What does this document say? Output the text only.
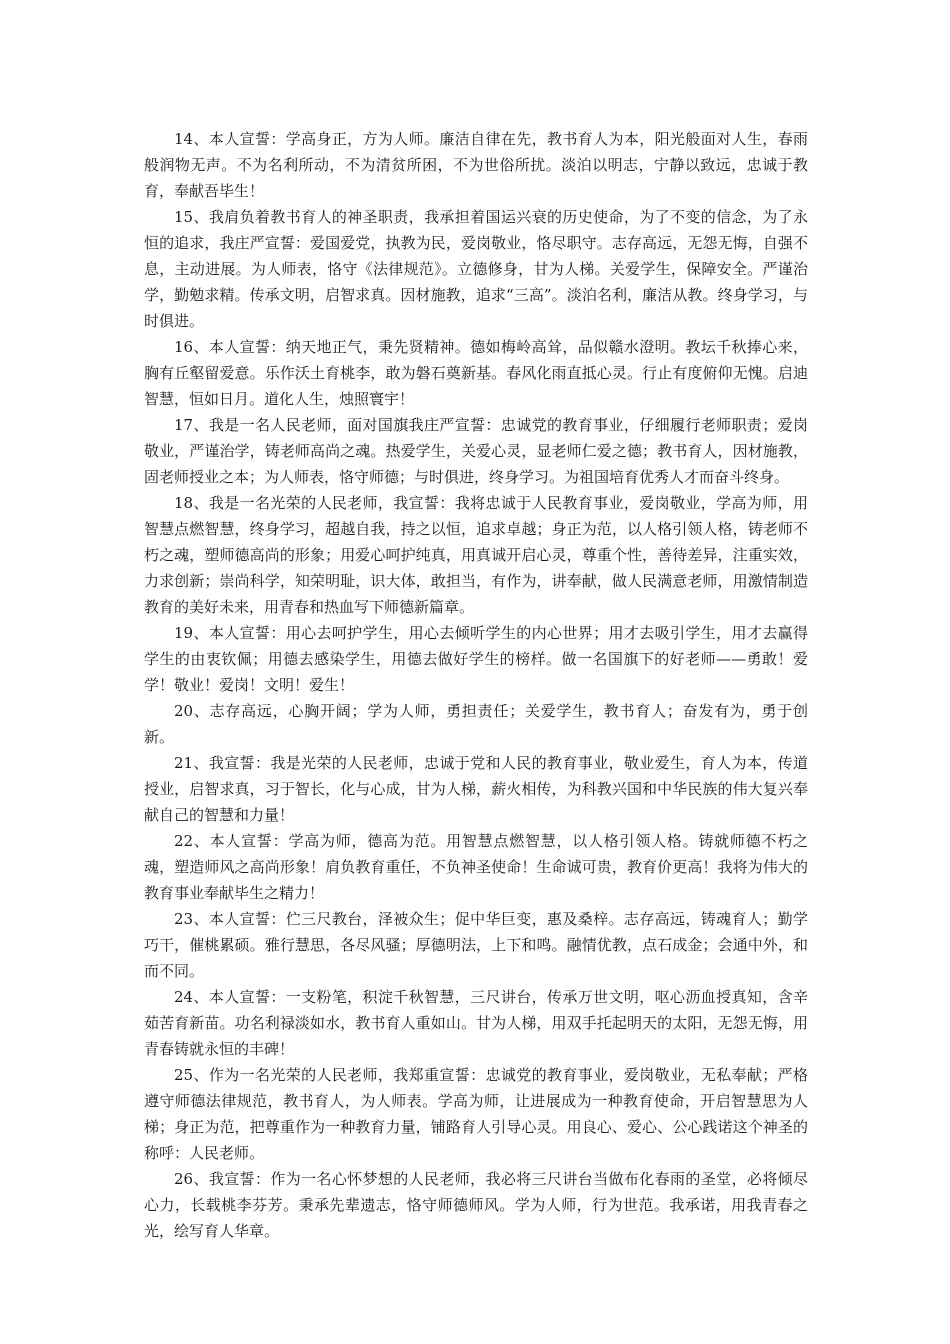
14、本人宣誓：学高身正，方为人师。廉洁自律在先，教书育人为本，阳光般面对人生，春雨般润物无声。不为名利所动，不为清贫所困，不为世俗所扰。淡泊以明志，宁静以致远，忠诚于教育，奉献吾毕生！

15、我肩负着教书育人的神圣职责，我承担着国运兴衰的历史使命，为了不变的信念，为了永恒的追求，我庄严宣誓：爱国爱党，执教为民，爱岗敬业，恪尽职守。志存高远，无怨无悔，自强不息，主动进展。为人师表，恪守《法律规范》。立德修身，甘为人梯。关爱学生，保障安全。严谨治学，勤勉求精。传承文明，启智求真。因材施教，追求“三高”。淡泊名利，廉洁从教。终身学习，与时俱进。

16、本人宣誓：纳天地正气，秉先贤精神。德如梅岭高耸，品似赣水澄明。教坛千秋捧心来，胸有丘壑留爱意。乐作沃土育桃李，敢为磐石奠新基。春风化雨直抵心灵。行止有度俯仰无愧。启迪智慧，恒如日月。道化人生，烛照寰宇！

17、我是一名人民老师，面对国旗我庄严宣誓：忠诚党的教育事业，仔细履行老师职责；爱岗敬业，严谨治学，铸老师高尚之魂。热爱学生，关爱心灵，显老师仁爱之德；教书育人，因材施教，固老师授业之本；为人师表，恪守师德；与时俱进，终身学习。为祖国培育优秀人才而奋斗终身。

18、我是一名光荣的人民老师，我宣誓：我将忠诚于人民教育事业，爱岗敬业，学高为师，用智慧点燃智慧，终身学习，超越自我，持之以恒，追求卓越；身正为范，以人格引领人格，铸老师不朽之魂，塑师德高尚的形象；用爱心呵护纯真，用真诚开启心灵，尊重个性，善待差异，注重实效，力求创新；崇尚科学，知荣明耻，识大体，敢担当，有作为，讲奉献，做人民满意老师，用激情制造教育的美好未来，用青春和热血写下师德新篇章。

19、本人宣誓：用心去呵护学生，用心去倾听学生的内心世界；用才去吸引学生，用才去赢得学生的由衷钦佩；用德去感染学生，用德去做好学生的榜样。做一名国旗下的好老师——勇敢！爱学！敬业！爱岗！文明！爱生！

20、志存高远，心胸开阔；学为人师，勇担责任；关爱学生，教书育人；奋发有为，勇于创新。

21、我宣誓：我是光荣的人民老师，忠诚于党和人民的教育事业，敬业爱生，育人为本，传道授业，启智求真，习于智长，化与心成，甘为人梯，薪火相传，为科教兴国和中华民族的伟大复兴奉献自己的智慧和力量！

22、本人宣誓：学高为师，德高为范。用智慧点燃智慧，以人格引领人格。铸就师德不朽之魂，塑造师风之高尚形象！肩负教育重任，不负神圣使命！生命诚可贵，教育价更高！我将为伟大的教育事业奉献毕生之精力！

23、本人宣誓：伫三尺教台，泽被众生；促中华巨变，惠及桑梓。志存高远，铸魂育人；勤学巧干，催桃累硕。雅行慧思，各尽风骚；厚德明法，上下和鸣。融情优教，点石成金；会通中外，和而不同。

24、本人宣誓：一支粉笔，积淀千秋智慧，三尺讲台，传承万世文明，呕心沥血授真知，含辛茹苦育新苗。功名利禄淡如水，教书育人重如山。甘为人梯，用双手托起明天的太阳，无怨无悔，用青春铸就永恒的丰碑！

25、作为一名光荣的人民老师，我郑重宣誓：忠诚党的教育事业，爱岗敬业，无私奉献；严格遵守师德法律规范，教书育人，为人师表。学高为师，让进展成为一种教育使命，开启智慧思为人梯；身正为范，把尊重作为一种教育力量，铺路育人引导心灵。用良心、爱心、公心践诺这个神圣的称呼：人民老师。

26、我宣誓：作为一名心怀梦想的人民老师，我必将三尺讲台当做布化春雨的圣堂，必将倾尽心力，长载桃李芬芳。秉承先辈遗志，恪守师德师风。学为人师，行为世范。我承诺，用我青春之光，绘写育人华章。
